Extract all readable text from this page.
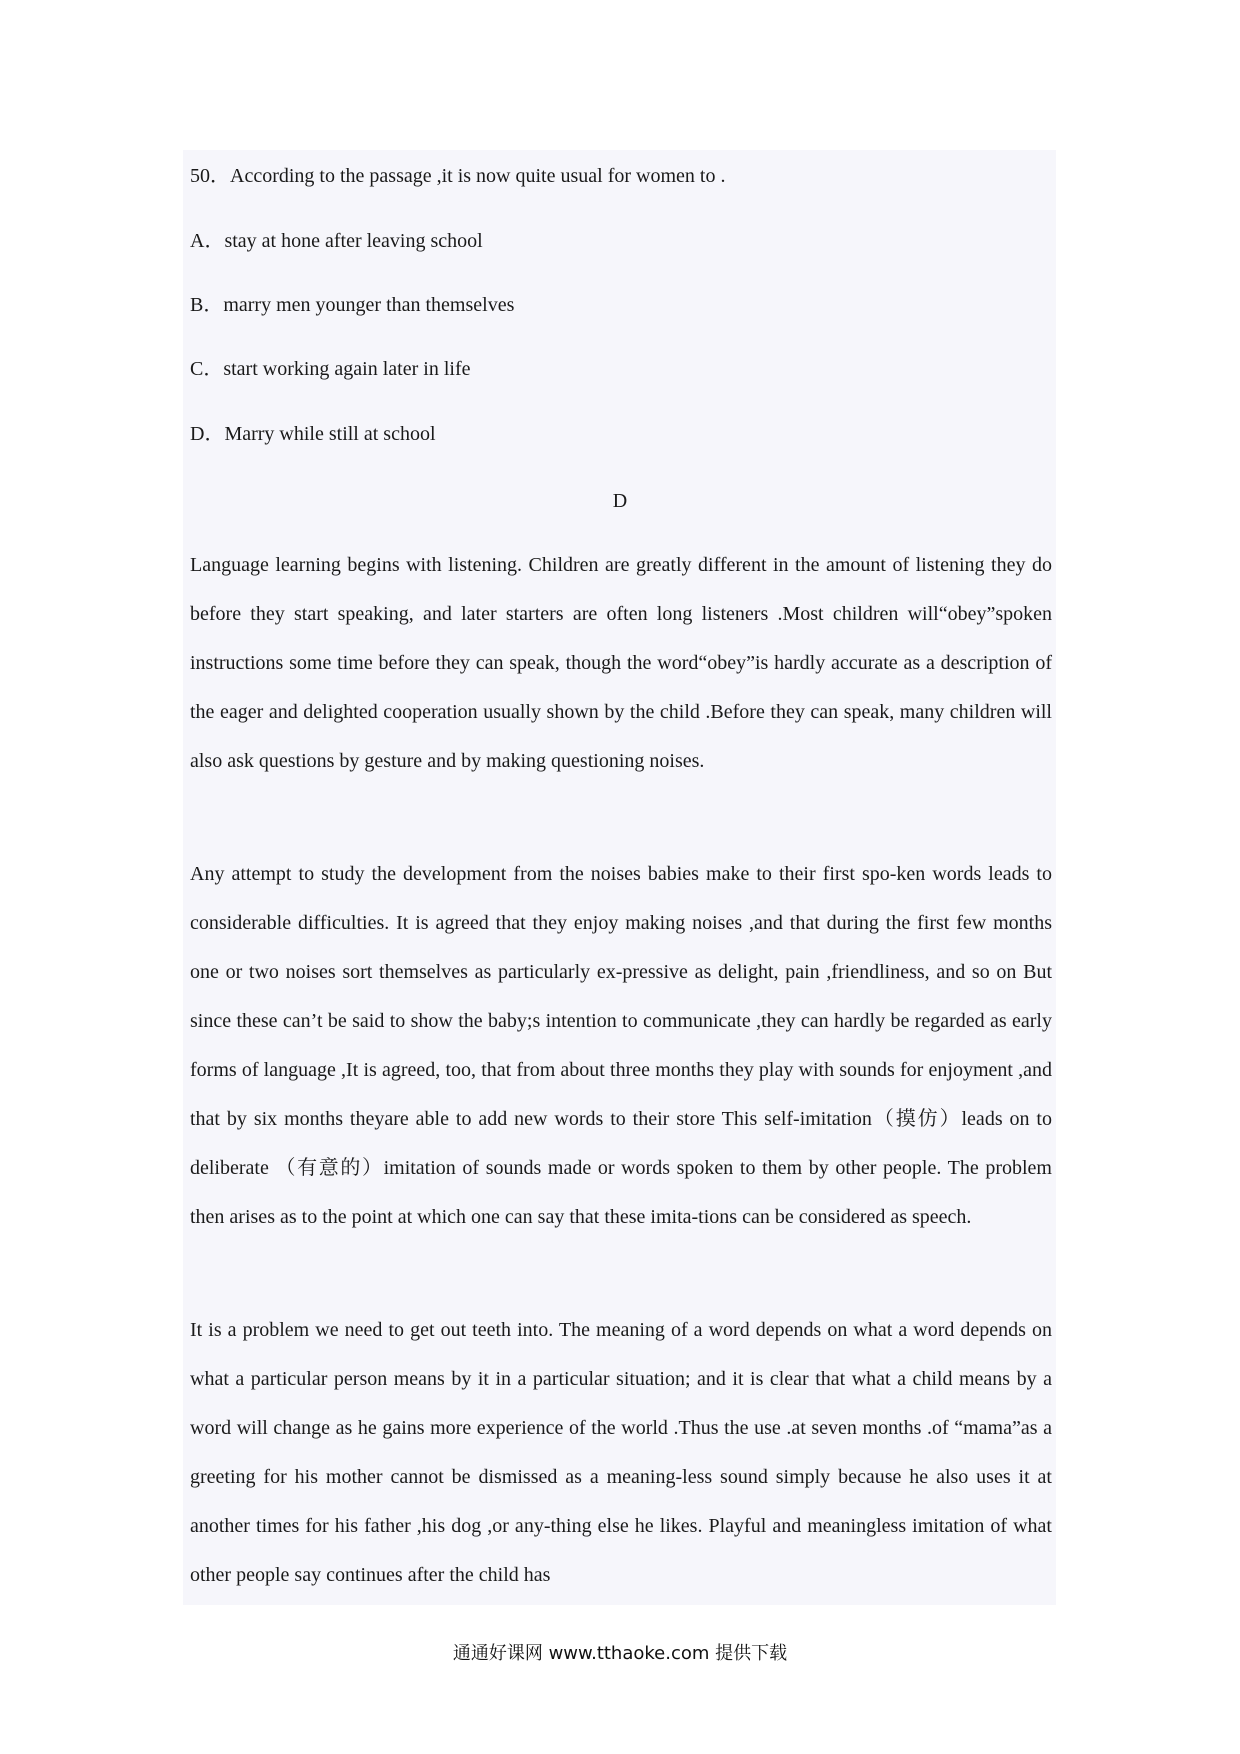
50．According to the passage ,it is now quite usual for women to .
A．stay at hone after leaving school
B．marry men younger than themselves
C．start working again later in life
D．Marry while still at school
D

Language learning begins with listening. Children are greatly different in the amount of listening they do before they start speaking, and later starters are often long listeners .Most children will“obey”spoken instructions some time before they can speak, though the word“obey”is hardly accurate as a description of the eager and delighted cooperation usually shown by the child .Before they can speak, many children will also ask questions by gesture and by making questioning noises.

Any attempt to study the development from the noises babies make to their first spo-ken words leads to considerable difficulties. It is agreed that they enjoy making noises ,and that during the first few months one or two noises sort themselves as particularly ex-pressive as delight, pain ,friendliness, and so on But since these can’t be said to show the baby;s intention to communicate ,they can hardly be regarded as early forms of language ,It is agreed, too, that from about three months they play with sounds for enjoyment ,and that by six months theyare able to add new words to their store This self-imitation（摸仿）leads on to deliberate （有意的）imitation of sounds made or words spoken to them by other people. The problem then arises as to the point at which one can say that these imita-tions can be considered as speech.

It is a problem we need to get out teeth into. The meaning of a word depends on what a word depends on what a particular person means by it in a particular situation; and it is clear that what a child means by a word will change as he gains more experience of the world .Thus the use .at seven months .of “mama”as a greeting for his mother cannot be dismissed as a meaning-less sound simply because he also uses it at another times for his father ,his dog ,or any-thing else he likes. Playful and meaningless imitation of what other people say continues after the child has

通通好课网 www.tthaoke.com 提供下载
